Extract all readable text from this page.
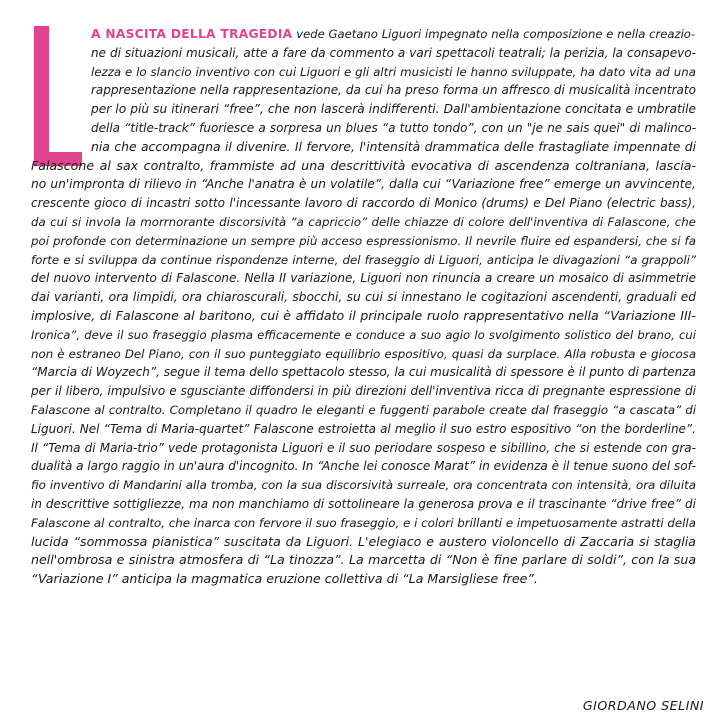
A NASCITA DELLA TRAGEDIA vede Gaetano Liguori impegnato nella composizione e nella creazio-
ne di situazioni musicali, atte a fare da commento a vari spettacoli teatrali; la perizia, la consapevo-
lezza e lo slancio inventivo con cui Liguori e gli altri musicisti le hanno sviluppate, ha dato vita ad una
rappresentazione nella rappresentazione, da cui ha preso forma un affresco di musicalità incentrato
per lo più su itinerari “free”, che non lascerà indifferenti. Dall'ambientazione concitata e umbratile
della “title-track” fuoriesce a sorpresa un blues “a tutto tondo”, con un "je ne sais quei" di malinco-
nia che accompagna il divenire. Il fervore, l'intensità drammatica delle frastagliate impennate di
Falascone al sax contralto, frammiste ad una descrittività evocativa di ascendenza coltraniana, lascia-
no un'impronta di rilievo in “Anche l'anatra è un volatile”, dalla cui “Variazione free” emerge un avvincente,
crescente gioco di incastri sotto l'incessante lavoro di raccordo di Monico (drums) e Del Piano (electric bass),
da cui si invola la morrnorante discorsività “a capriccio” delle chiazze di colore dell'inventiva di Falascone, che
poi profonde con determinazione un sempre più acceso espressionismo. Il nevrile fluire ed espandersi, che si fa
forte e si sviluppa da continue rispondenze interne, del fraseggio di Liguori, anticipa le divagazioni “a grappoli”
del nuovo intervento di Falascone. Nella II variazione, Liguori non rinuncia a creare un mosaico di asimmetrie
dai varianti, ora limpidi, ora chiaroscurali, sbocchi, su cui si innestano le cogitazioni ascendenti, graduali ed
implosive, di Falascone al baritono, cui è affidato il principale ruolo rappresentativo nella “Variazione III-
Ironica”, deve il suo fraseggio plasma efficacemente e conduce a suo agio lo svolgimento solistico del brano, cui
non è estraneo Del Piano, con il suo punteggiato equilibrio espositivo, quasi da surplace. Alla robusta e giocosa
“Marcia di Woyzech”, segue il tema dello spettacolo stesso, la cui musicalità di spessore è il punto di partenza
per il libero, impulsivo e sgusciante diffondersi in più direzioni dell'inventiva ricca di pregnante espressione di
Falascone al contralto. Completano il quadro le eleganti e fuggenti parabole create dal fraseggio “a cascata” di
Liguori. Nel “Tema di Maria-quartet” Falascone estroietta al meglio il suo estro espositivo “on the borderline”.
Il “Tema di Maria-trio” vede protagonista Liguori e il suo periodare sospeso e sibillino, che si estende con gra-
dualità a largo raggio in un'aura d'incognito. In “Anche lei conosce Marat” in evidenza è il tenue suono del sof-
fio inventivo di Mandarini alla tromba, con la sua discorsività surreale, ora concentrata con intensità, ora diluita
in descrittive sottigliezze, ma non manchiamo di sottolineare la generosa prova e il trascinante “drive free” di
Falascone al contralto, che inarca con fervore il suo fraseggio, e i colori brillanti e impetuosamente astratti della
lucida “sommossa pianistica” suscitata da Liguori. L'elegiaco e austero violoncello di Zaccaria si staglia
nell'ombrosa e sinistra atmosfera di “La tinozza”. La marcetta di “Non è fine parlare di soldi”, con la sua
“Variazione I” anticipa la magmatica eruzione collettiva di “La Marsigliese free”.
GIORDANO SELINI
